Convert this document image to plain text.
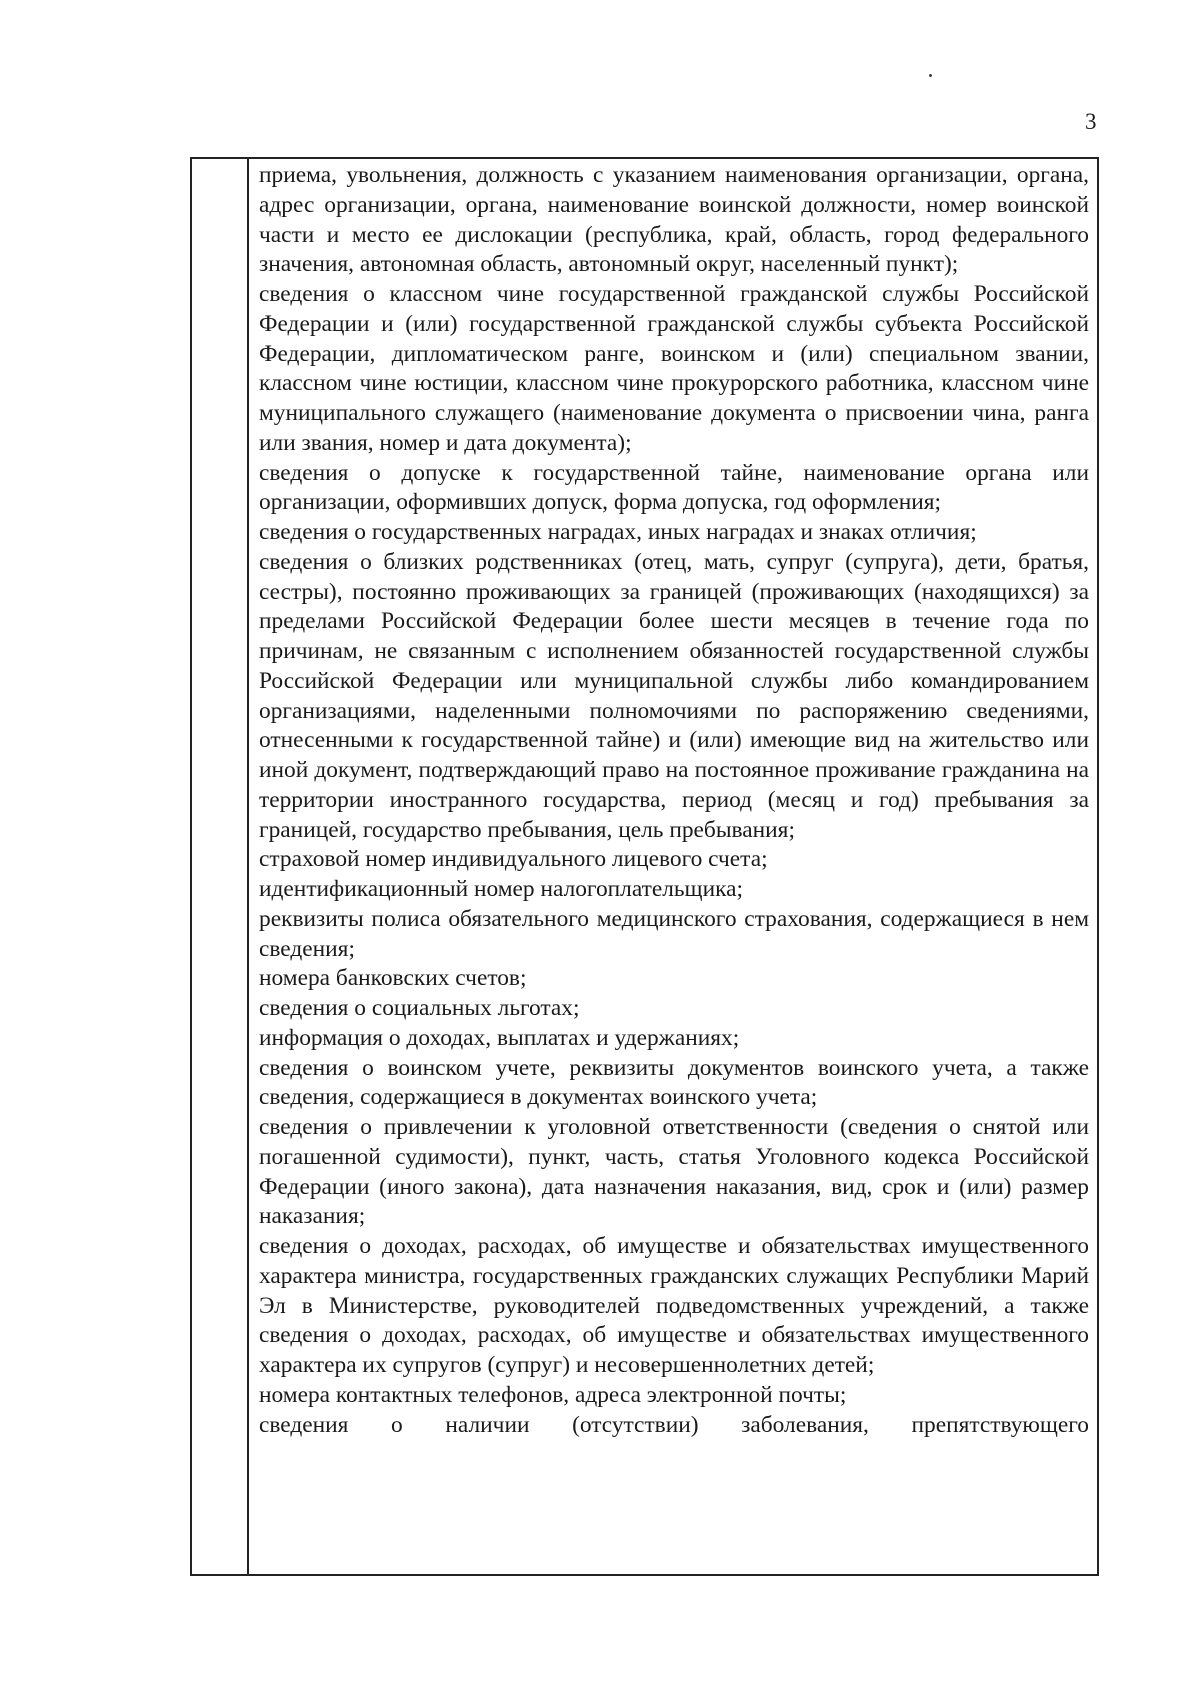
3
приема, увольнения, должность с указанием наименования организации, органа, адрес организации, органа, наименование воинской должности, номер воинской части и место ее дислокации (республика, край, область, город федерального значения, автономная область, автономный округ, населенный пункт);
сведения о классном чине государственной гражданской службы Российской Федерации и (или) государственной гражданской службы субъекта Российской Федерации, дипломатическом ранге, воинском и (или) специальном звании, классном чине юстиции, классном чине прокурорского работника, классном чине муниципального служащего (наименование документа о присвоении чина, ранга или звания, номер и дата документа);
сведения о допуске к государственной тайне, наименование органа или организации, оформивших допуск, форма допуска, год оформления;
сведения о государственных наградах, иных наградах и знаках отличия;
сведения о близких родственниках (отец, мать, супруг (супруга), дети, братья, сестры), постоянно проживающих за границей (проживающих (находящихся) за пределами Российской Федерации более шести месяцев в течение года по причинам, не связанным с исполнением обязанностей государственной службы Российской Федерации или муниципальной службы либо командированием организациями, наделенными полномочиями по распоряжению сведениями, отнесенными к государственной тайне) и (или) имеющие вид на жительство или иной документ, подтверждающий право на постоянное проживание гражданина на территории иностранного государства, период (месяц и год) пребывания за границей, государство пребывания, цель пребывания;
страховой номер индивидуального лицевого счета;
идентификационный номер налогоплательщика;
реквизиты полиса обязательного медицинского страхования, содержащиеся в нем сведения;
номера банковских счетов;
сведения о социальных льготах;
информация о доходах, выплатах и удержаниях;
сведения о воинском учете, реквизиты документов воинского учета, а также сведения, содержащиеся в документах воинского учета;
сведения о привлечении к уголовной ответственности (сведения о снятой или погашенной судимости), пункт, часть, статья Уголовного кодекса Российской Федерации (иного закона), дата назначения наказания, вид, срок и (или) размер наказания;
сведения о доходах, расходах, об имуществе и обязательствах имущественного характера министра, государственных гражданских служащих Республики Марий Эл в Министерстве, руководителей подведомственных учреждений, а также сведения о доходах, расходах, об имуществе и обязательствах имущественного характера их супругов (супруг) и несовершеннолетних детей;
номера контактных телефонов, адреса электронной почты;
сведения о наличии (отсутствии) заболевания, препятствующего
